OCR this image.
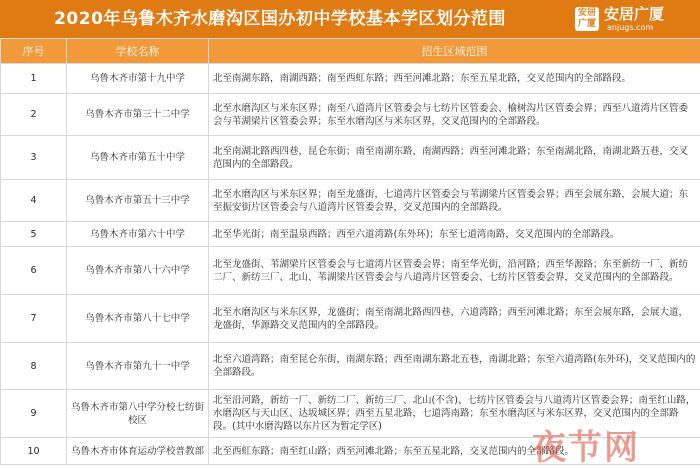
2020年乌鲁木齐水磨沟区国办初中学校基本学区划分范围	安居广厦
安居广厦
anjugs.com
序号	学校名称	招生区域范围
1	乌鲁木齐市第十九中学	北至南湖东路，南湖西路；南至西虹东路；西至河滩北路；东至五星北路，交叉范围内的全部路段。
2	乌鲁木齐市第三十二中学	北至水磨沟区与米东区界；南至八道湾片区管委会与七纺片区管委会、榆树沟片区管委会界；西至八道湾片区管委会与苇湖梁片区管委会界；东至水磨沟区与米东区界，交叉范围内的全部路段。
3	乌鲁木齐市第五十中学	北至南湖北路西四巷，昆仑东街；南至南湖东路，南湖西路；西至河滩北路；东至南湖北路，南湖北路五巷，交叉范围内的全部路段。
4	乌鲁木齐市第五十三中学	北至水磨沟区与米东区界；南至龙盛街，七道湾片区管委会与苇湖梁片区管委会界；西至会展东路，会展大道；东至振安街片区管委会与八道湾片区管委会界，交叉范围内的全部路段。
5	乌鲁木齐市第六十中学	北至华光街；南至温泉西路；西至六道湾路(东外环)；东至七道湾南路，交叉范围内的全部路段。
6	乌鲁木齐市第八十六中学	北至龙盛街、苇湖梁片区管委会与七道湾片区管委会界；南至华光街，沿河路；西至华源路；东至新纺一厂、新纺二厂、新纺三厂、北山、苇湖梁片区管委会与八道湾片区管委会、七纺片区管委会界，交叉范围内的全部路段。
7	乌鲁木齐市第八十七中学	北至水磨沟区与米东区界，龙盛街；南至南湖北路西四巷，六道湾路；西至河滩北路；东至会展东路，会展大道，龙盛街，华源路交叉范围内的全部路段。
8	乌鲁木齐市第九十一中学	北至六道湾路；南至昆仑东街，南湖东路；西至南湖东路北五巷，南湖北路；东至六道湾路(东外环)，交叉范围内的全部路段。
9	乌鲁木齐市第八中学分校七纺街校区	北至沿河路，新纺一厂、新纺二厂、新纺三厂、北山(不含)、七纺片区管委会与八道湾片区管委会界；南至红山路，水磨沟区与天山区、达坂城区界；西至五星北路，七道湾南路；东至水磨沟区与米东区界，交叉范围内的全部路段。(其中水磨沟路以东片区为暂定学区)
10	乌鲁木齐市体育运动学校普教部	北至西虹东路；南至红山路；西至河滩北路；东至五星北路，交叉范围内的全部路段。
夜节网
